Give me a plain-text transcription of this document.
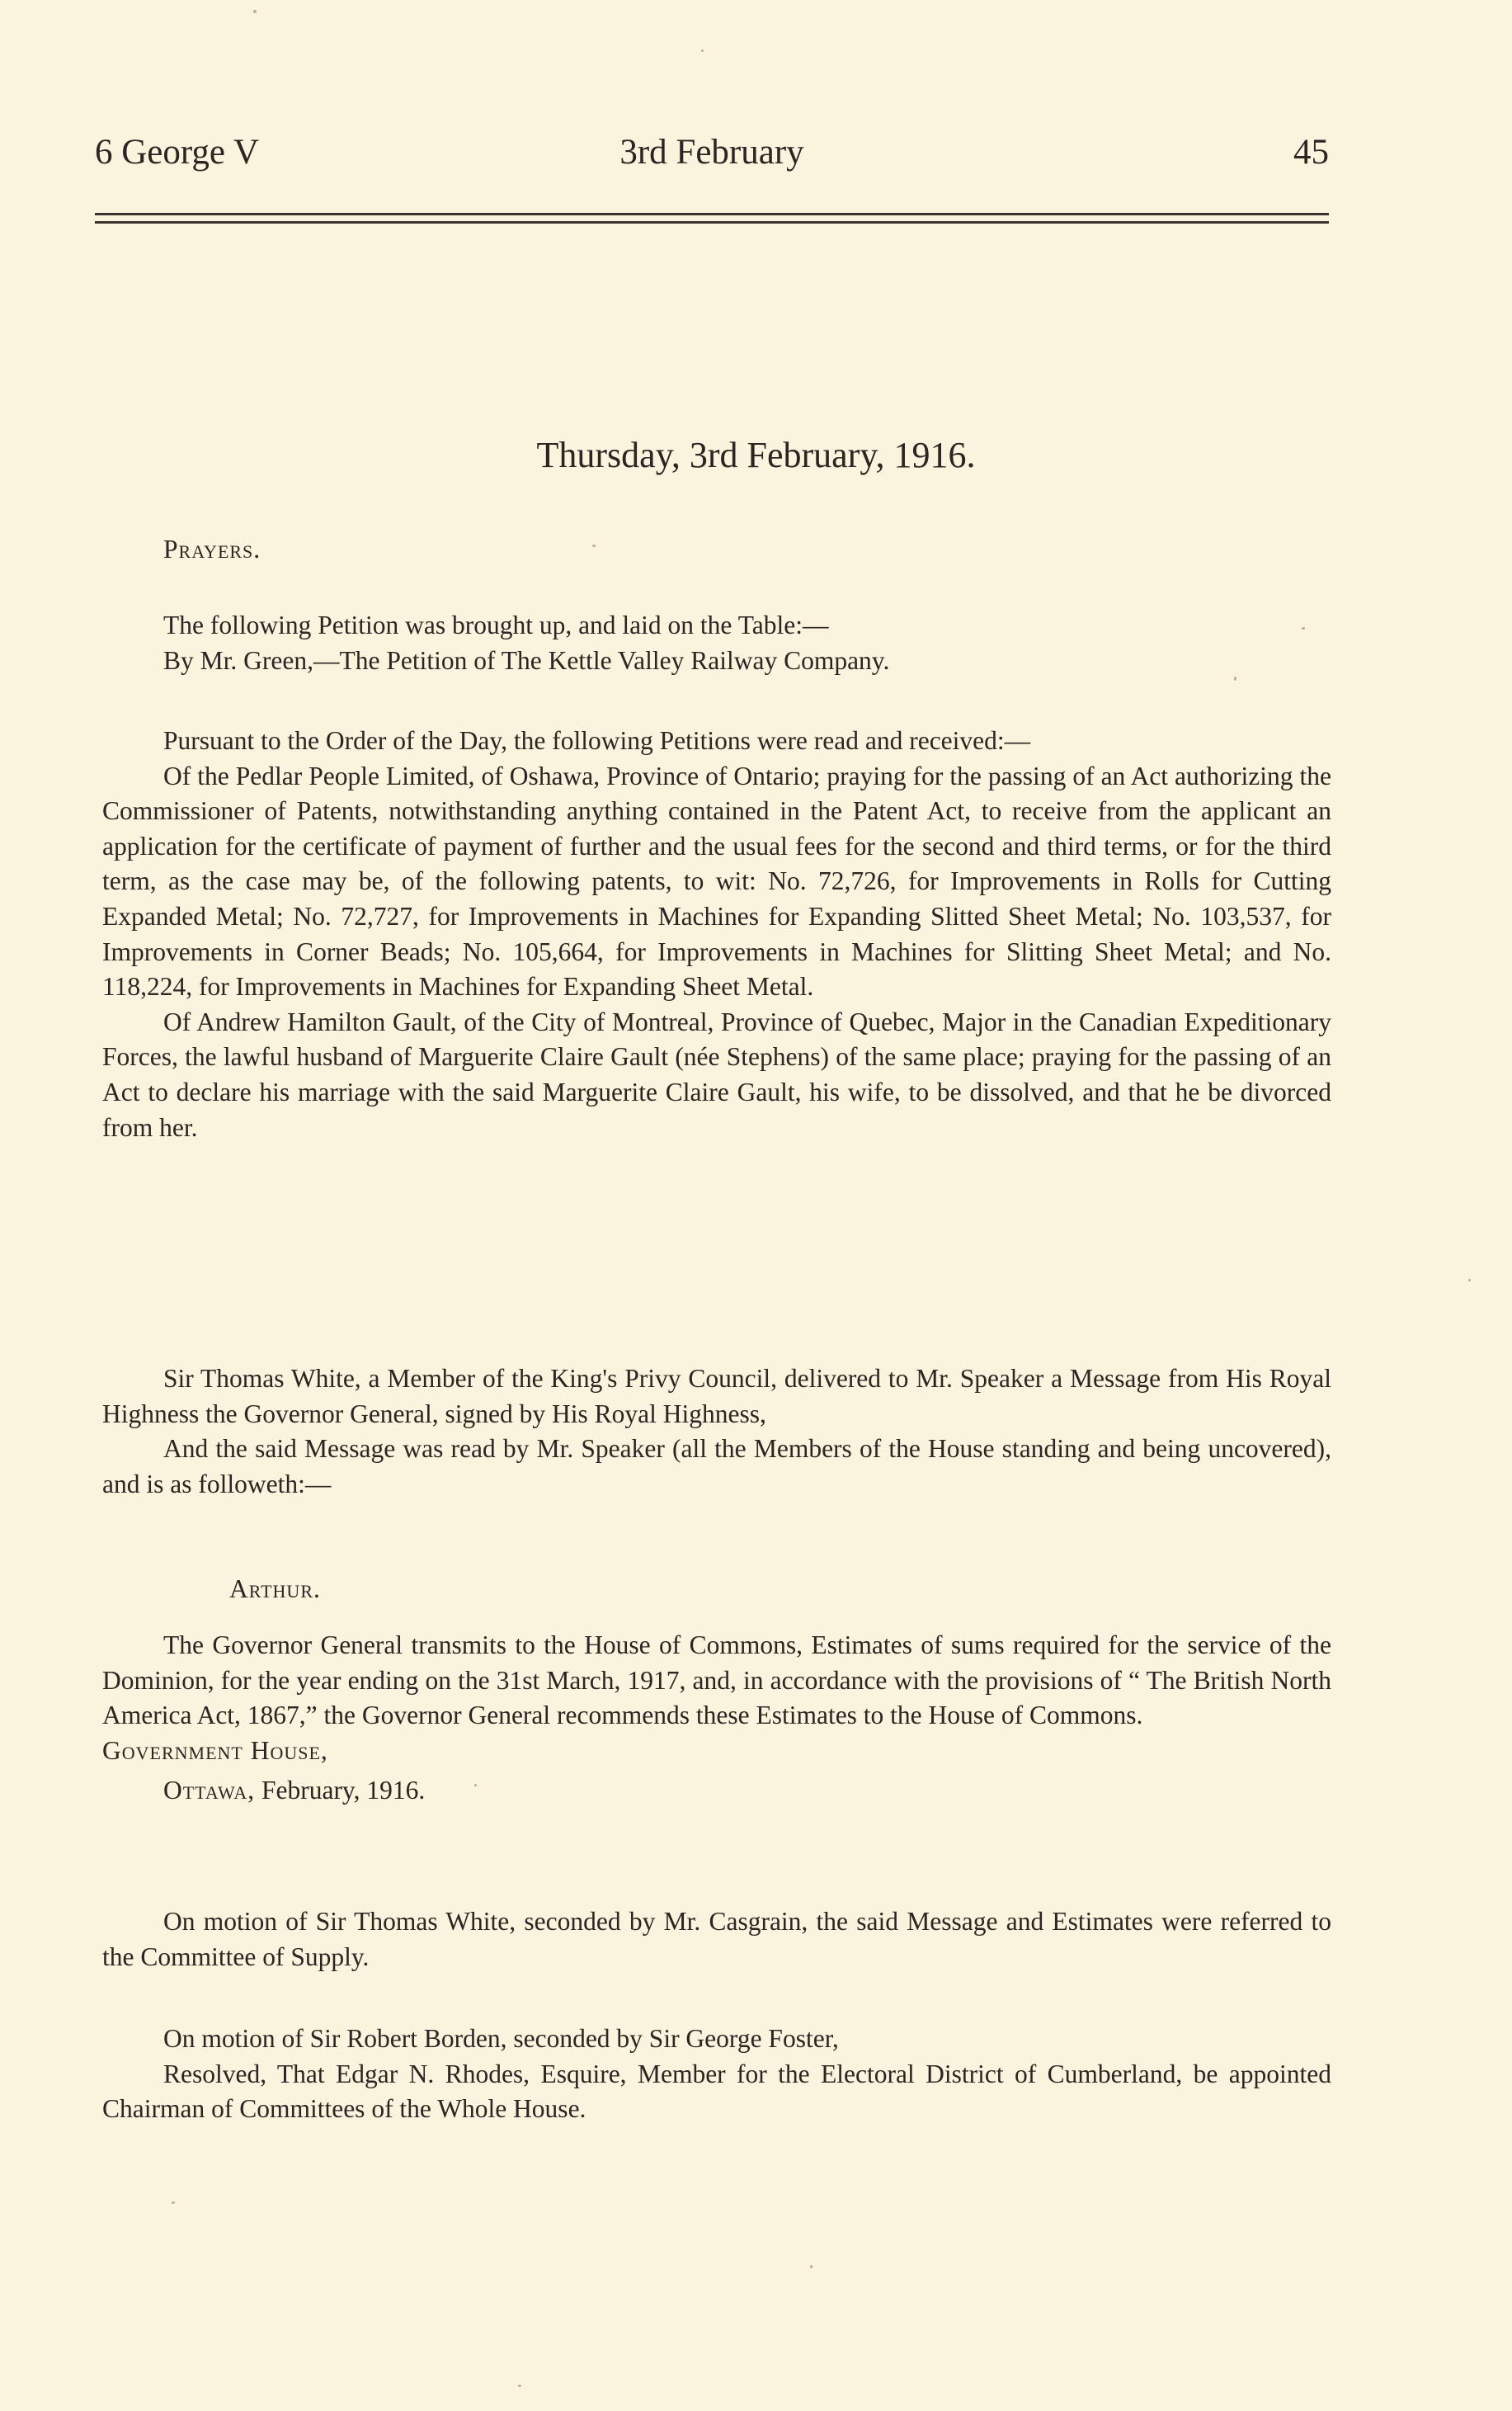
6 George V	3rd February	45
Thursday, 3rd February, 1916.

Prayers.

The following Petition was brought up, and laid on the Table:—

By Mr. Green,—The Petition of The Kettle Valley Railway Company.

Pursuant to the Order of the Day, the following Petitions were read and received:—

Of the Pedlar People Limited, of Oshawa, Province of Ontario; praying for the passing of an Act authorizing the Commissioner of Patents, notwithstanding anything contained in the Patent Act, to receive from the applicant an application for the certificate of payment of further and the usual fees for the second and third terms, or for the third term, as the case may be, of the following patents, to wit: No. 72,726, for Improvements in Rolls for Cutting Expanded Metal; No. 72,727, for Improvements in Machines for Expanding Slitted Sheet Metal; No. 103,537, for Improvements in Corner Beads; No. 105,664, for Improvements in Machines for Slitting Sheet Metal; and No. 118,224, for Improvements in Machines for Expanding Sheet Metal.

Of Andrew Hamilton Gault, of the City of Montreal, Province of Quebec, Major in the Canadian Expeditionary Forces, the lawful husband of Marguerite Claire Gault (née Stephens) of the same place; praying for the passing of an Act to declare his marriage with the said Marguerite Claire Gault, his wife, to be dissolved, and that he be divorced from her.

Sir Thomas White, a Member of the King's Privy Council, delivered to Mr. Speaker a Message from His Royal Highness the Governor General, signed by His Royal Highness,

And the said Message was read by Mr. Speaker (all the Members of the House standing and being uncovered), and is as followeth:—

Arthur.

The Governor General transmits to the House of Commons, Estimates of sums required for the service of the Dominion, for the year ending on the 31st March, 1917, and, in accordance with the provisions of “ The British North America Act, 1867,” the Governor General recommends these Estimates to the House of Commons.

Government House,

Ottawa, February, 1916.

On motion of Sir Thomas White, seconded by Mr. Casgrain, the said Message and Estimates were referred to the Committee of Supply.

On motion of Sir Robert Borden, seconded by Sir George Foster,

Resolved, That Edgar N. Rhodes, Esquire, Member for the Electoral District of Cumberland, be appointed Chairman of Committees of the Whole House.
